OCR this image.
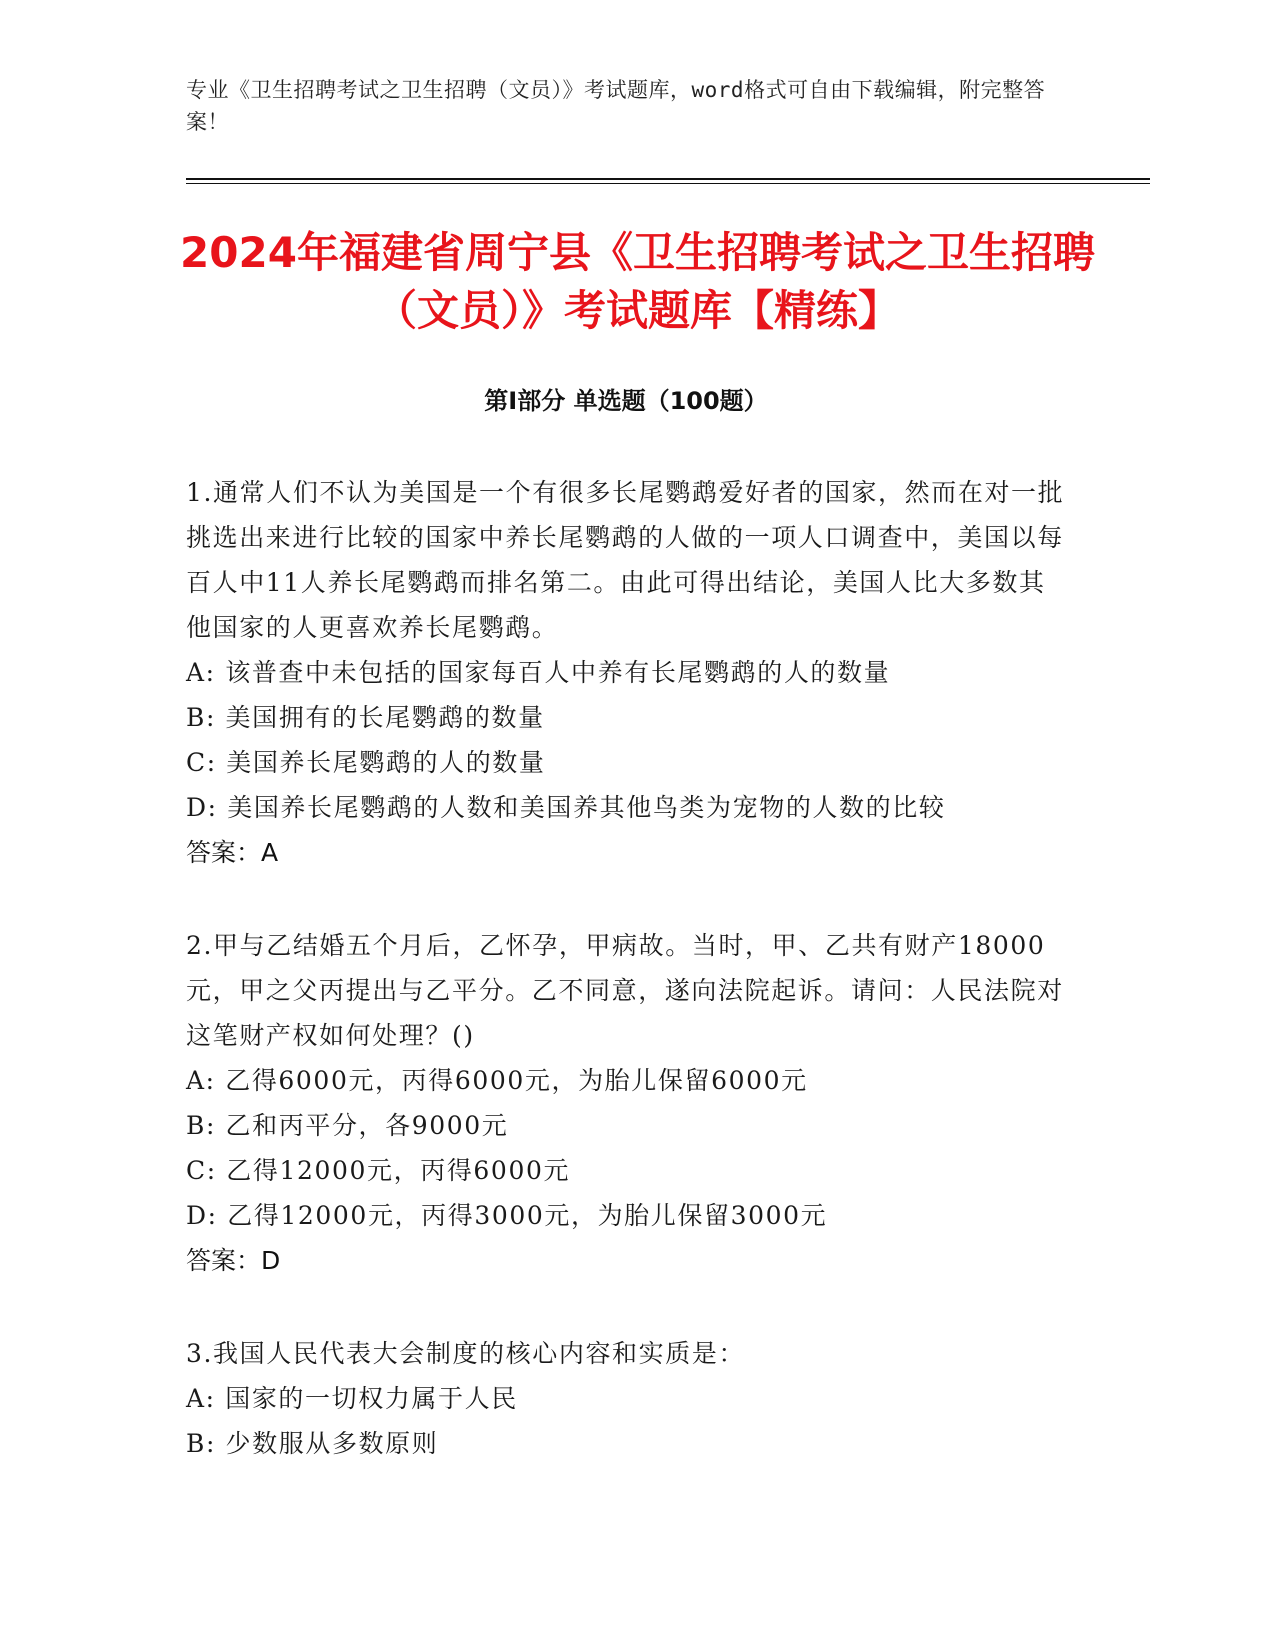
专业《卫生招聘考试之卫生招聘（文员）》考试题库，word格式可自由下载编辑，附完整答案！
2024年福建省周宁县《卫生招聘考试之卫生招聘（文员）》考试题库【精练】
第I部分 单选题（100题）

1.通常人们不认为美国是一个有很多长尾鹦鹉爱好者的国家，然而在对一批挑选出来进行比较的国家中养长尾鹦鹉的人做的一项人口调查中，美国以每百人中11人养长尾鹦鹉而排名第二。由此可得出结论，美国人比大多数其他国家的人更喜欢养长尾鹦鹉。

A: 该普查中未包括的国家每百人中养有长尾鹦鹉的人的数量

B: 美国拥有的长尾鹦鹉的数量

C: 美国养长尾鹦鹉的人的数量

D: 美国养长尾鹦鹉的人数和美国养其他鸟类为宠物的人数的比较

答案：A

2.甲与乙结婚五个月后，乙怀孕，甲病故。当时，甲、乙共有财产18000元，甲之父丙提出与乙平分。乙不同意，遂向法院起诉。请问：人民法院对这笔财产权如何处理？()

A: 乙得6000元，丙得6000元，为胎儿保留6000元

B: 乙和丙平分，各9000元

C: 乙得12000元，丙得6000元

D: 乙得12000元，丙得3000元，为胎儿保留3000元

答案：D

3.我国人民代表大会制度的核心内容和实质是：

A: 国家的一切权力属于人民

B: 少数服从多数原则
